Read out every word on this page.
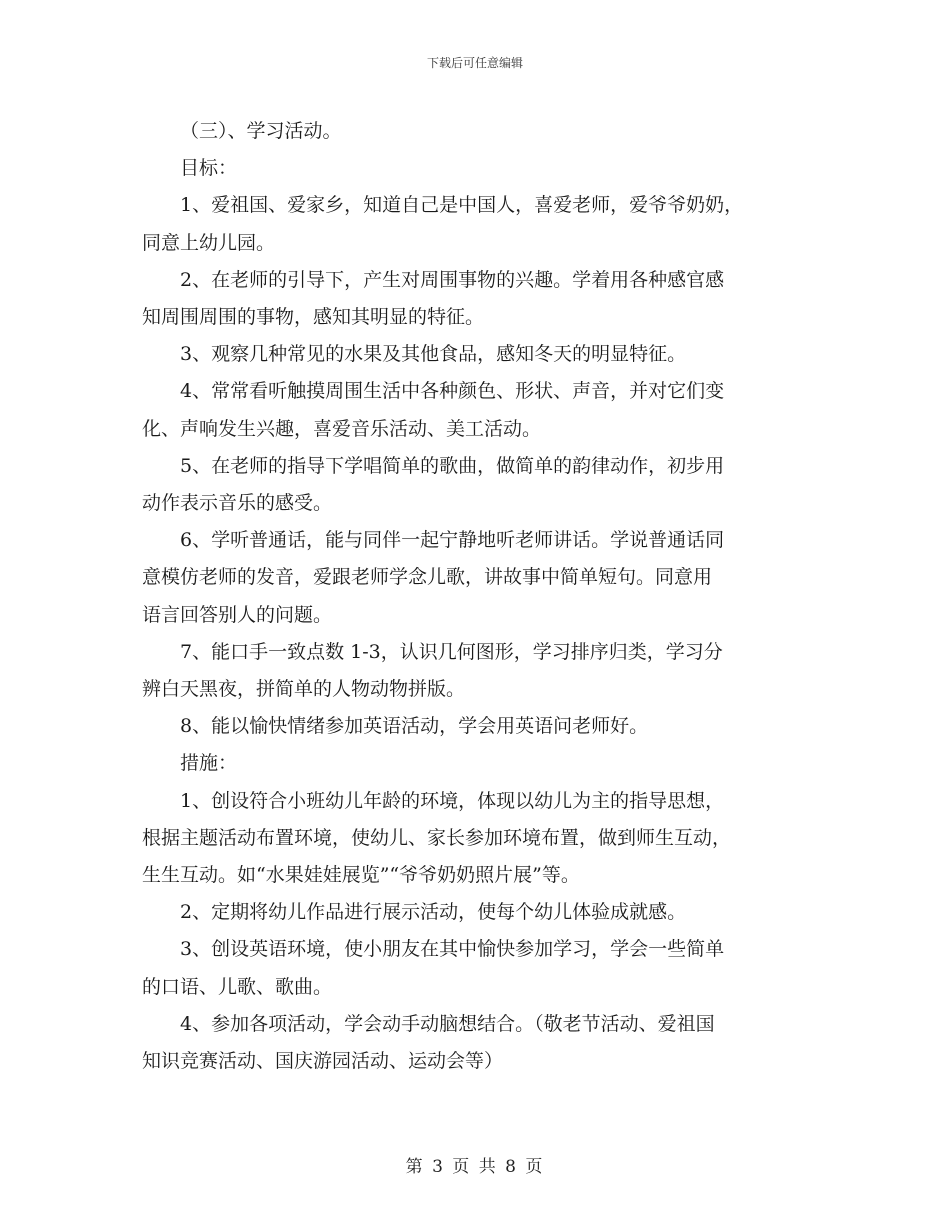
下载后可任意编辑

（三）、学习活动。

目标：

1、爱祖国、爱家乡，知道自己是中国人，喜爱老师，爱爷爷奶奶，

同意上幼儿园。

2、在老师的引导下，产生对周围事物的兴趣。学着用各种感官感

知周围周围的事物，感知其明显的特征。

3、观察几种常见的水果及其他食品，感知冬天的明显特征。

4、常常看听触摸周围生活中各种颜色、形状、声音，并对它们变

化、声响发生兴趣，喜爱音乐活动、美工活动。

5、在老师的指导下学唱简单的歌曲，做简单的韵律动作，初步用

动作表示音乐的感受。

6、学听普通话，能与同伴一起宁静地听老师讲话。学说普通话同

意模仿老师的发音，爱跟老师学念儿歌，讲故事中简单短句。同意用

语言回答别人的问题。

7、能口手一致点数 1-3，认识几何图形，学习排序归类，学习分

辨白天黑夜，拼简单的人物动物拼版。

8、能以愉快情绪参加英语活动，学会用英语问老师好。

措施：

1、创设符合小班幼儿年龄的环境，体现以幼儿为主的指导思想，

根据主题活动布置环境，使幼儿、家长参加环境布置，做到师生互动，

生生互动。如“水果娃娃展览”“爷爷奶奶照片展”等。

2、定期将幼儿作品进行展示活动，使每个幼儿体验成就感。

3、创设英语环境，使小朋友在其中愉快参加学习，学会一些简单

的口语、儿歌、歌曲。

4、参加各项活动，学会动手动脑想结合。（敬老节活动、爱祖国

知识竞赛活动、国庆游园活动、运动会等）

第 3 页 共 8 页
